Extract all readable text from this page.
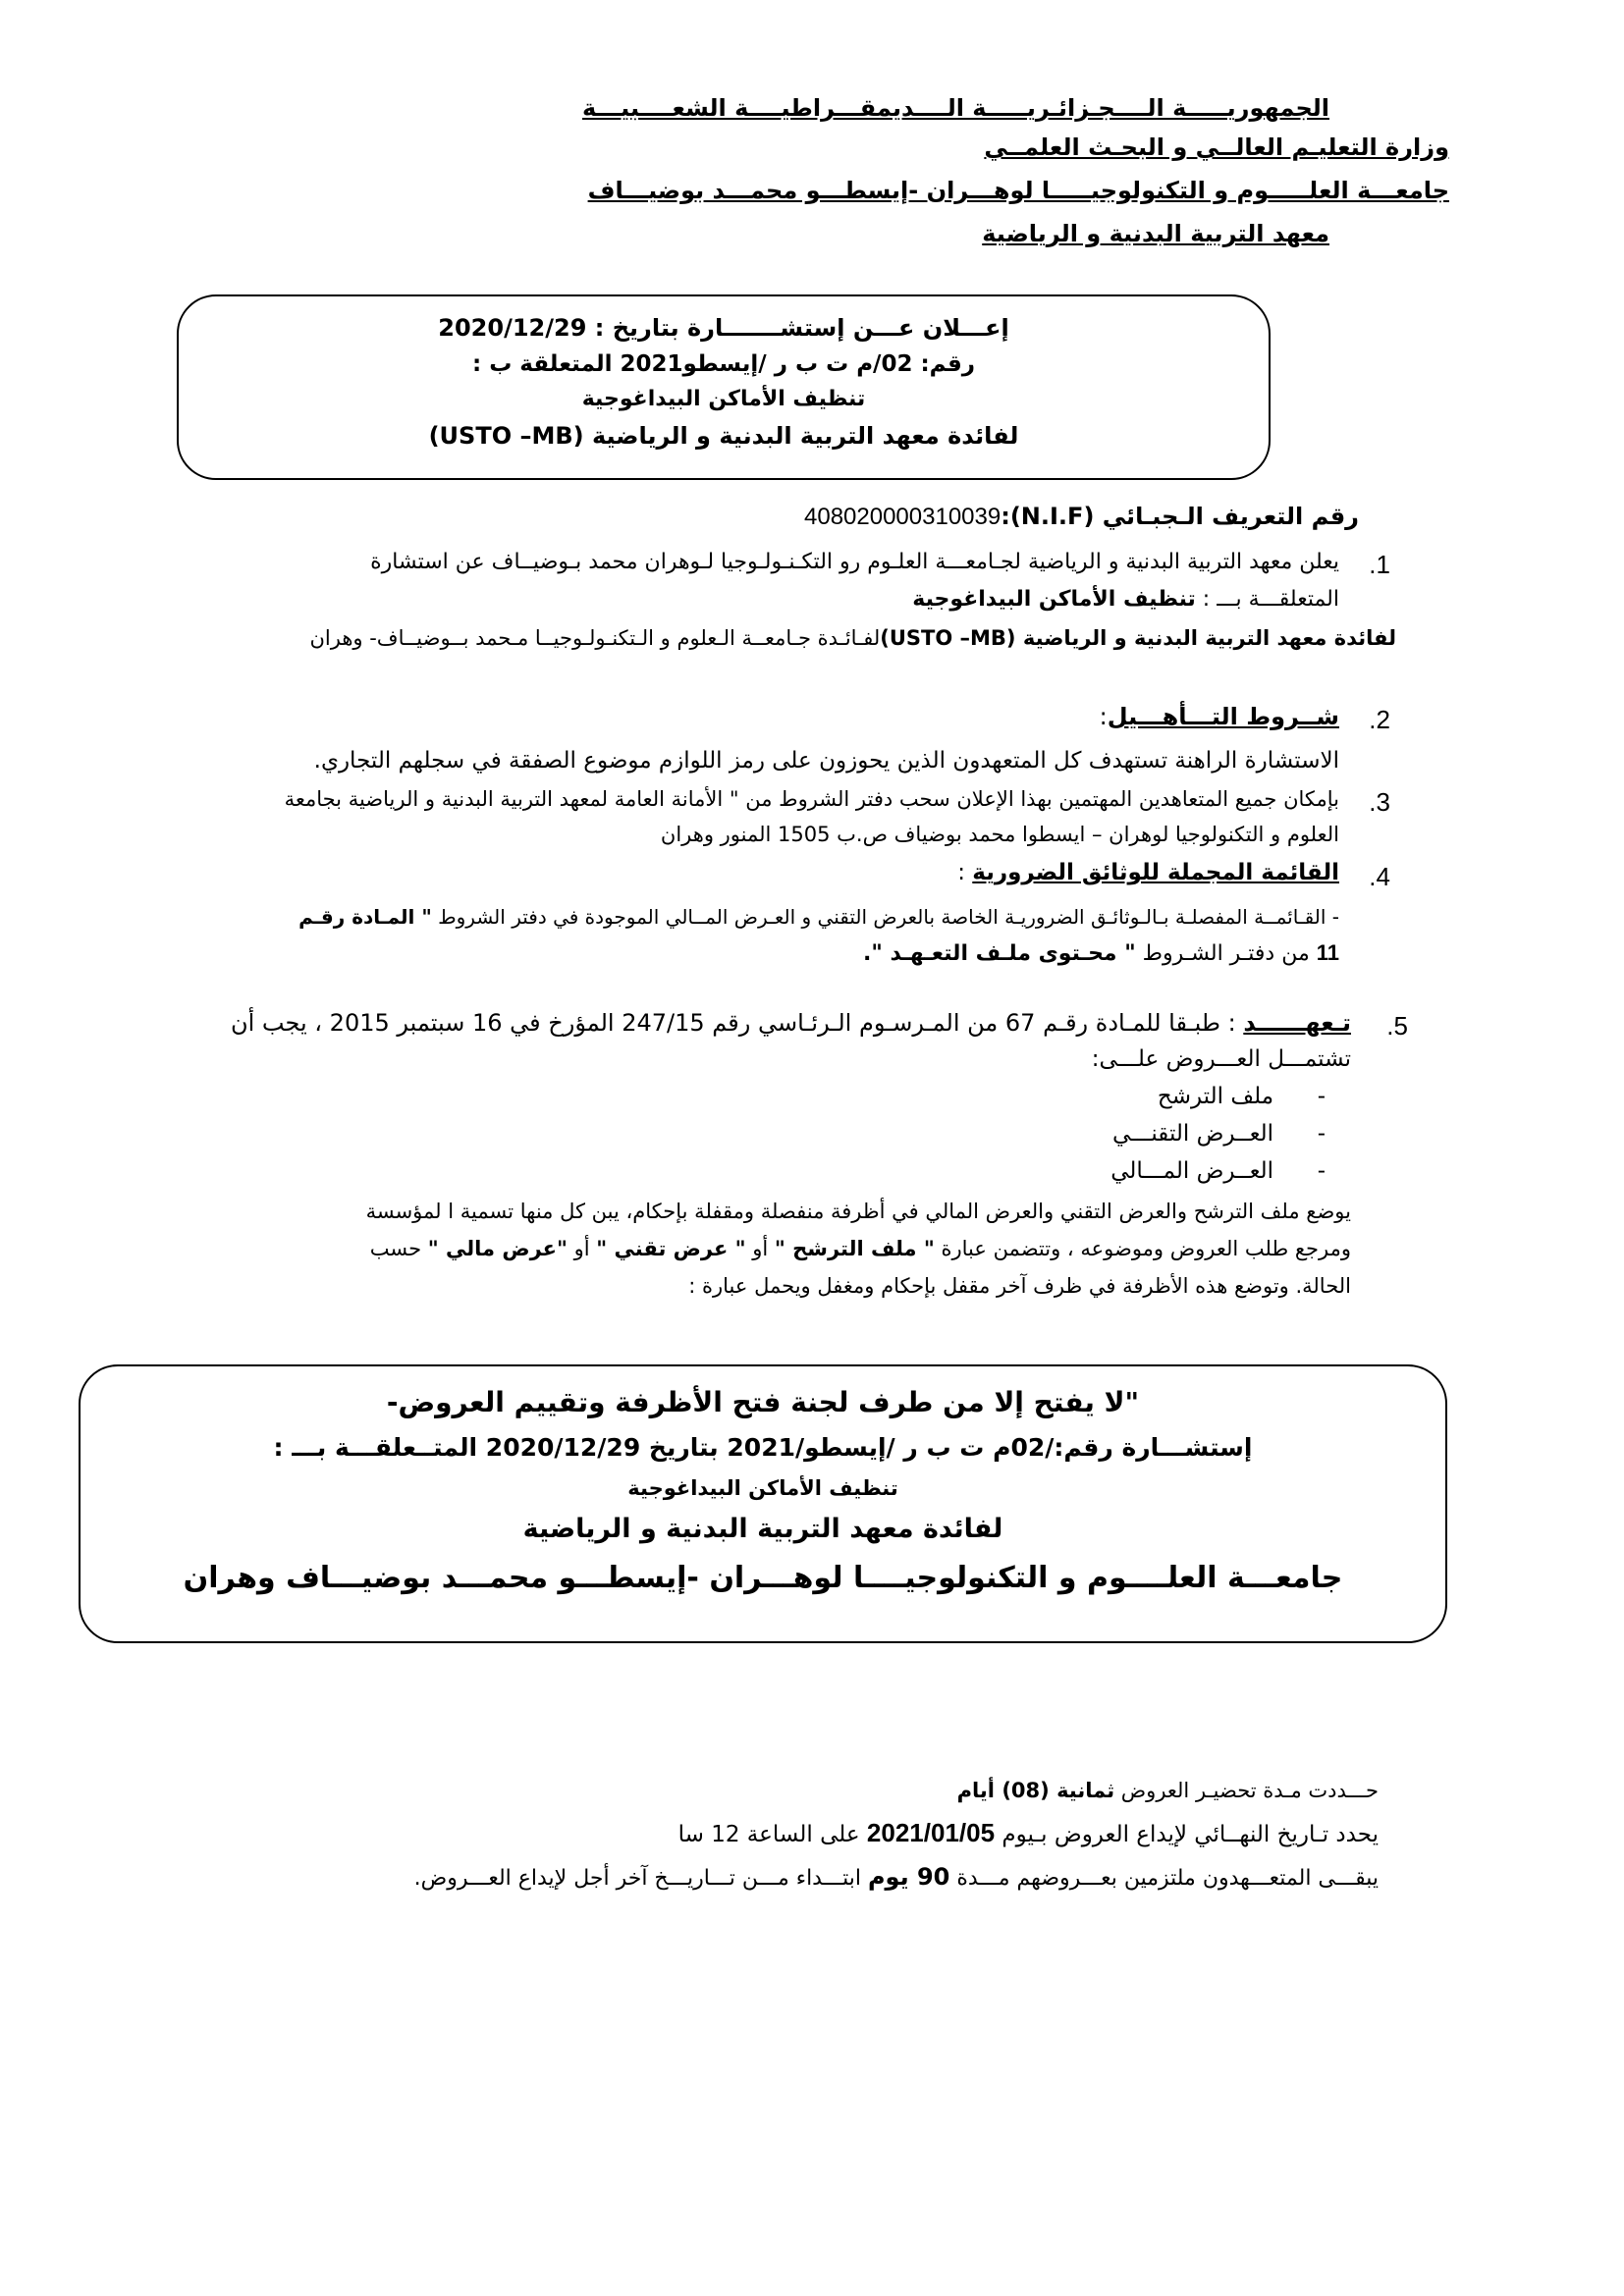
الجمهوريـــــة الــــجـزائـريـــــة الــــديمقـــراطيــــة الشعــــبيـــة
وزارة التعليـم العالــي و البحـث العلمــي
جامعـــة العلـــــوم و التكنولوجيـــــا لوهـــران -إيسطـــو محمـــد بوضيـــاف
معهد التربية البدنية و الرياضية
إعـــلان عـــن إستشـــــــارة بتاريخ : 2020/12/29
رقم: 02/م ت ب ر /إيسطو2021 المتعلقة ب :
تنظيف الأماكن البيداغوجية
لفائدة معهد التربية البدنية و الرياضية (USTO –MB)
رقم التعريف الـجبـائي (N.I.F):408020000310039
1.
يعلن معهد التربية البدنية و الرياضية لجـامعـــة العلـوم رو التكـنـولـوجيا لـوهران محمد بـوضيــاف عن استشارة
المتعلقـــة بـــ : تنظيف الأماكن البيداغوجية
لفائدة معهد التربية البدنية و الرياضية (USTO –MB)لفـائـدة جـامعــة الـعلوم و الـتكنـولـوجيــا مـحمد بــوضيــاف- وهران
2.
شــروط التـــأهـــيل:
الاستشارة الراهنة تستهدف كل المتعهدون الذين يحوزون على رمز اللوازم موضوع الصفقة في سجلهم التجاري.
3.
بإمكان جميع المتعاهدين المهتمين بهذا الإعلان سحب دفتر الشروط من " الأمانة العامة لمعهد التربية البدنية و الرياضية بجامعة
العلوم و التكنولوجيا لوهران – ايسطوا محمد بوضياف ص.ب 1505 المنور وهران
4.
القائمة المجملة للوثائق الضرورية :
- القـائمــة المفصلـة بـالـوثائـق الضروريـة الخاصة بالعرض التقني و العـرض المــالي الموجودة في دفتر الشروط " المـادة رقـم
11 من دفتـر الشـروط " محـتوى ملـف التعـهـد ".
5.
تـعهــــــد : طبـقا للمـادة رقـم 67 من المـرسـوم الـرئـاسي رقم 247/15 المؤرخ في 16 سبتمبر 2015 ، يجب أن
تشتمـــل العـــروض علـــى:
-  ملف الترشح
-  العــرض التقنـــي
-  العــرض المـــالي
يوضع ملف الترشح والعرض التقني والعرض المالي في أظرفة منفصلة ومقفلة بإحكام، يبن كل منها تسمية ا لمؤسسة
ومرجع طلب العروض وموضوعه ، وتتضمن عبارة " ملف الترشح " أو " عرض تقني " أو "عرض مالي " حسب
الحالة. وتوضع هذه الأظرفة في ظرف آخر مقفل بإحكام ومغفل ويحمل عبارة :
"لا يفتح إلا من طرف لجنة فتح الأظرفة وتقييم العروض-
إستشـــارة رقم:/02م ت ب ر /إيسطو/2021 بتاريخ 2020/12/29 المتــعلقـــة بـــ :
تنظيف الأماكن البيداغوجية
لفائدة معهد التربية البدنية و الرياضية
جامعـــة العلــــوم و التكنولوجيــــا لوهـــران -إيسطـــو محمـــد بوضيـــاف وهران
حـــددت مـدة تحضيـر العروض ثمانية (08) أيام
يحدد تـاريخ النهــائي لإيداع العروض بـيوم 2021/01/05 على الساعة 12 سا
يبقـــى المتعـــهدون ملتزمين بعـــروضهم مـــدة 90 يوم ابتـــداء مـــن تـــاريـــخ آخر أجل لإيداع العـــروض.
